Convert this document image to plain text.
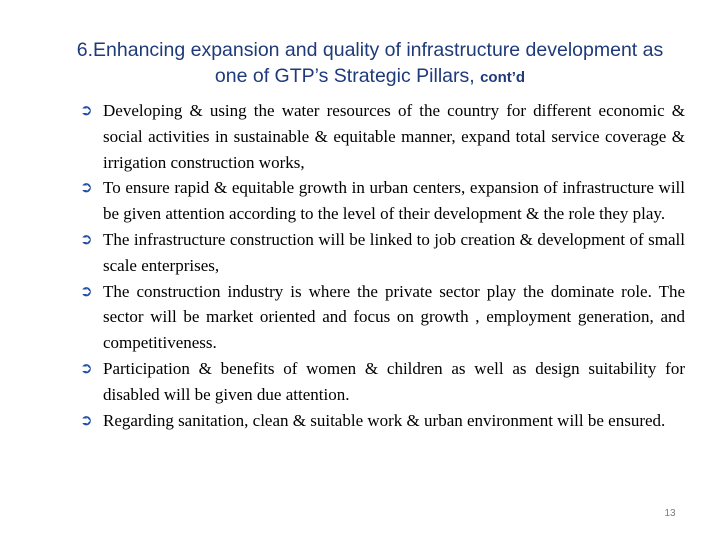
6.Enhancing expansion and quality of infrastructure development as one of GTP’s Strategic Pillars, cont’d
➲ Developing & using the water resources of the country for different economic & social activities in sustainable & equitable manner, expand total service coverage & irrigation construction works,
➲ To ensure rapid & equitable growth in urban centers, expansion of infrastructure will be given attention according to the level of their development & the role they play.
➲ The infrastructure construction will be linked to job creation & development of small scale enterprises,
➲ The construction industry is where the private sector play the dominate role. The sector will be market oriented and focus on growth , employment generation, and competitiveness.
➲ Participation & benefits of women & children as well as design suitability for disabled will be given due attention.
➲ Regarding sanitation, clean & suitable work & urban environment will be ensured.
13
